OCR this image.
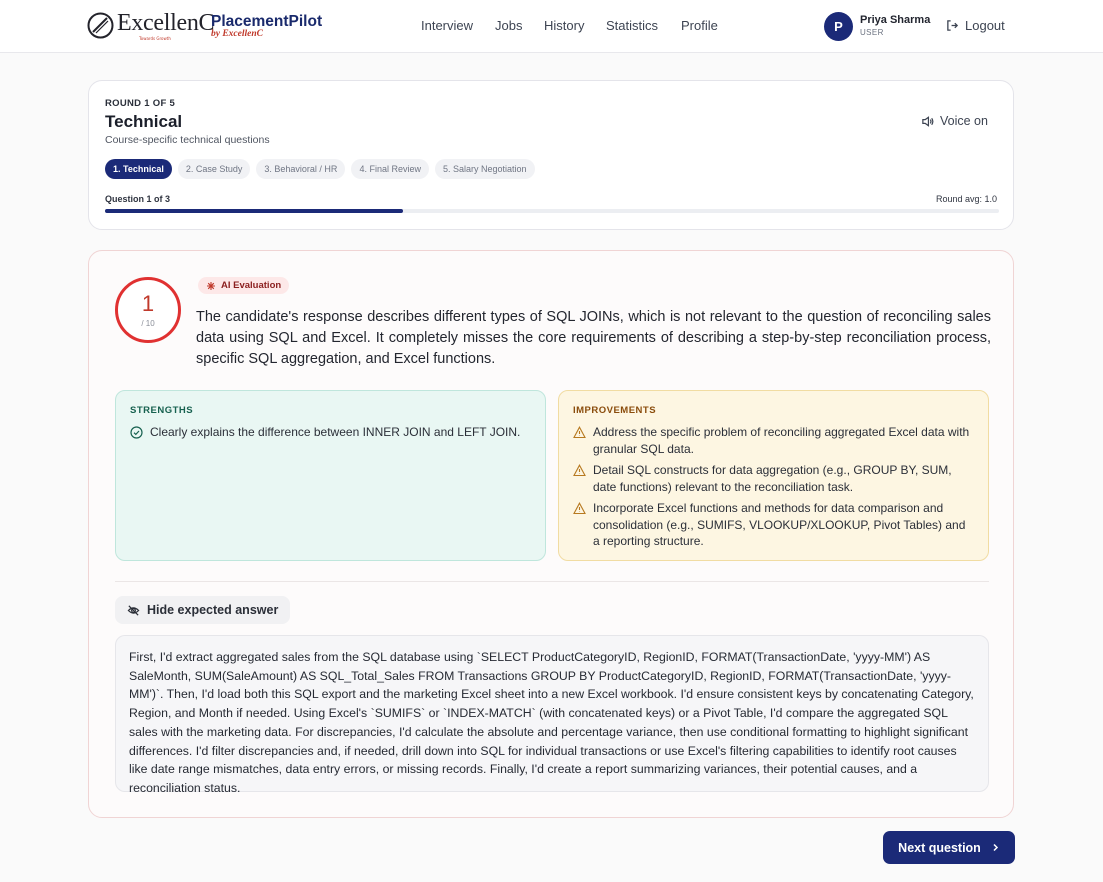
ExcellenC
Towards Growth
PlacementPilot
by ExcellenC
Interview Jobs History Statistics Profile	P	Priya Sharma
USER	Logout
ROUND 1 OF 5
Technical
Course-specific technical questions
Voice on
1. Technical	2. Case Study	3. Behavioral / HR	4. Final Review	5. Salary Negotiation
Question 1 of 3	Round avg: 1.0
1
/ 10
AI Evaluation
The candidate's response describes different types of SQL JOINs, which is not relevant to the question of reconciling sales data using SQL and Excel. It completely misses the core requirements of describing a step-by-step reconciliation process, specific SQL aggregation, and Excel functions.
STRENGTHS
Clearly explains the difference between INNER JOIN and LEFT JOIN.
IMPROVEMENTS
Address the specific problem of reconciling aggregated Excel data with granular SQL data.
Detail SQL constructs for data aggregation (e.g., GROUP BY, SUM, date functions) relevant to the reconciliation task.
Incorporate Excel functions and methods for data comparison and consolidation (e.g., SUMIFS, VLOOKUP/XLOOKUP, Pivot Tables) and a reporting structure.
Hide expected answer
First, I'd extract aggregated sales from the SQL database using `SELECT ProductCategoryID, RegionID, FORMAT(TransactionDate, 'yyyy-MM') AS SaleMonth, SUM(SaleAmount) AS SQL_Total_Sales FROM Transactions GROUP BY ProductCategoryID, RegionID, FORMAT(TransactionDate, 'yyyy-MM')`. Then, I'd load both this SQL export and the marketing Excel sheet into a new Excel workbook. I'd ensure consistent keys by concatenating Category, Region, and Month if needed. Using Excel's `SUMIFS` or `INDEX-MATCH` (with concatenated keys) or a Pivot Table, I'd compare the aggregated SQL sales with the marketing data. For discrepancies, I'd calculate the absolute and percentage variance, then use conditional formatting to highlight significant differences. I'd filter discrepancies and, if needed, drill down into SQL for individual transactions or use Excel's filtering capabilities to identify root causes like date range mismatches, data entry errors, or missing records. Finally, I'd create a report summarizing variances, their potential causes, and a reconciliation status.
Next question
